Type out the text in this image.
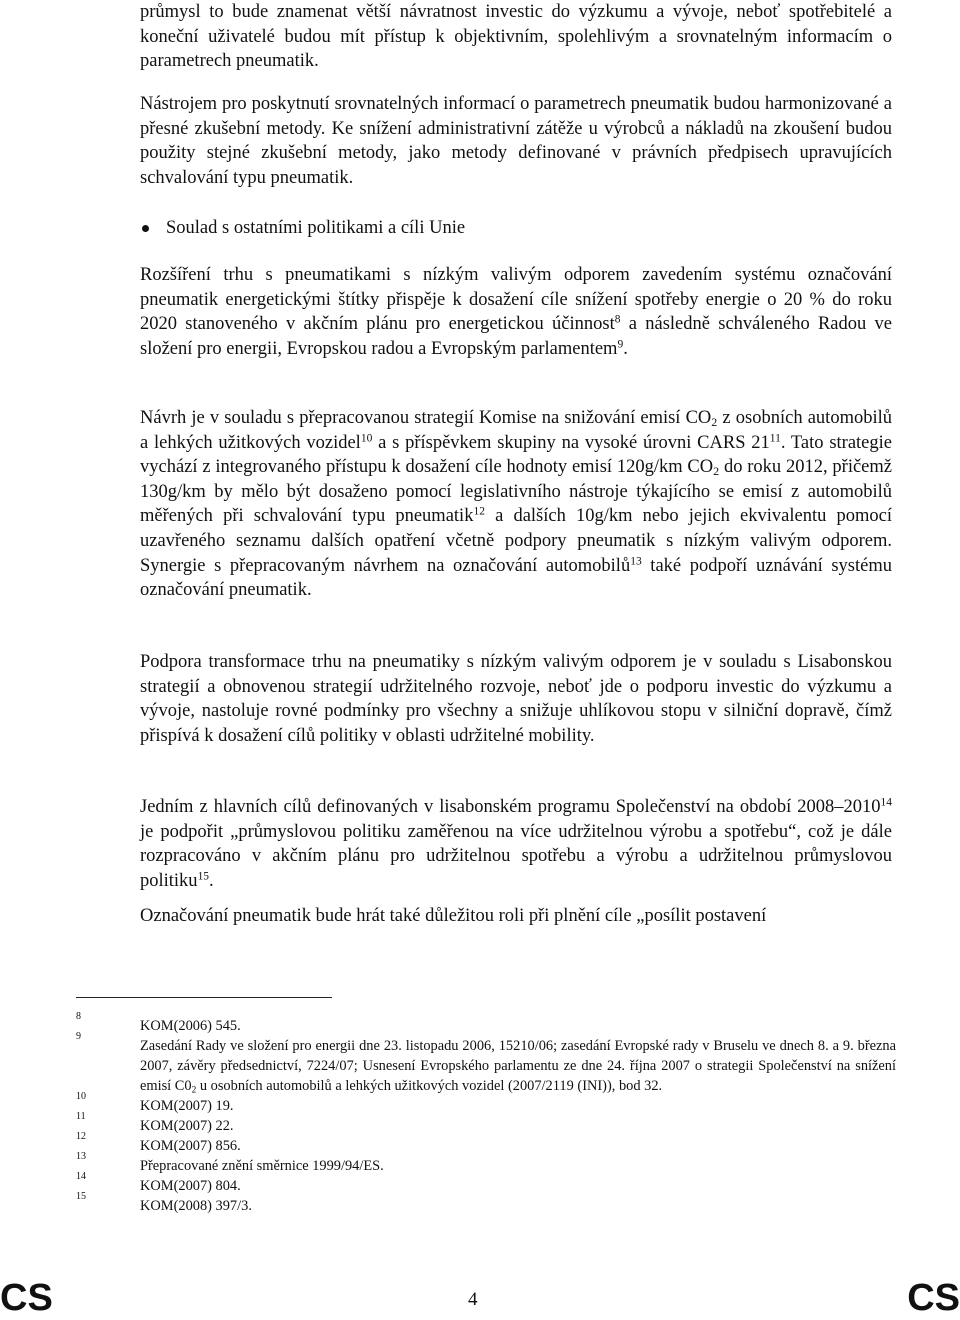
průmysl to bude znamenat větší návratnost investic do výzkumu a vývoje, neboť spotřebitelé a koneční uživatelé budou mít přístup k objektivním, spolehlivým a srovnatelným informacím o parametrech pneumatik.

Nástrojem pro poskytnutí srovnatelných informací o parametrech pneumatik budou harmonizované a přesné zkušební metody. Ke snížení administrativní zátěže u výrobců a nákladů na zkoušení budou použity stejné zkušební metody, jako metody definované v právních předpisech upravujících schvalování typu pneumatik.

Soulad s ostatními politikami a cíli Unie

Rozšíření trhu s pneumatikami s nízkým valivým odporem zavedením systému označování pneumatik energetickými štítky přispěje k dosažení cíle snížení spotřeby energie o 20 % do roku 2020 stanoveného v akčním plánu pro energetickou účinnost$^8$ a následně schváleného Radou ve složení pro energii, Evropskou radou a Evropským parlamentem$^9$.

Návrh je v souladu s přepracovanou strategií Komise na snižování emisí $CO_2$ z osobních automobilů a lehkých užitkových vozidel$^{10}$ a s příspěvkem skupiny na vysoké úrovni CARS $21^{11}$. Tato strategie vychází z integrovaného přístupu k dosažení cíle hodnoty emisí 120g/km $CO_2$ do roku 2012, přičemž 130g/km by mělo být dosaženo pomocí legislativního nástroje týkajícího se emisí z automobilů měřených při schvalování typu pneumatik$^{12}$ a dalších 10g/km nebo jejich ekvivalentu pomocí uzavřeného seznamu dalších opatření včetně podpory pneumatik s nízkým valivým odporem. Synergie s přepracovaným návrhem na označování automobilů$^{13}$ také podpoří uznávání systému označování pneumatik.

Podpora transformace trhu na pneumatiky s nízkým valivým odporem je v souladu s Lisabonskou strategií a obnovenou strategií udržitelného rozvoje, neboť jde o podporu investic do výzkumu a vývoje, nastoluje rovné podmínky pro všechny a snižuje uhlíkovou stopu v silniční dopravě, čímž přispívá k dosažení cílů politiky v oblasti udržitelné mobility.

Jedním z hlavních cílů definovaných v lisabonském programu Společenství na období 2008–2010$^{14}$ je podpořit „průmyslovou politiku zaměřenou na více udržitelnou výrobu a spotřebu“, což je dále rozpracováno v akčním plánu pro udržitelnou spotřebu a výrobu a udržitelnou průmyslovou politiku$^{15}$.

Označování pneumatik bude hrát také důležitou roli při plnění cíle „posílit postavení

8
KOM(2006) 545.
9
Zasedání Rady ve složení pro energii dne 23. listopadu 2006, 15210/06; zasedání Evropské rady v Bruselu ve dnech 8. a 9. března 2007, závěry předsednictví, 7224/07; Usnesení Evropského parlamentu ze dne 24. října 2007 o strategii Společenství na snížení emisí $C0_2$ u osobních automobilů a lehkých užitkových vozidel (2007/2119 (INI)), bod 32.
10
KOM(2007) 19.
11
KOM(2007) 22.
12
KOM(2007) 856.
13
Přepracované znění směrnice 1999/94/ES.
14
KOM(2007) 804.
15
KOM(2008) 397/3.
CS	4	CS
